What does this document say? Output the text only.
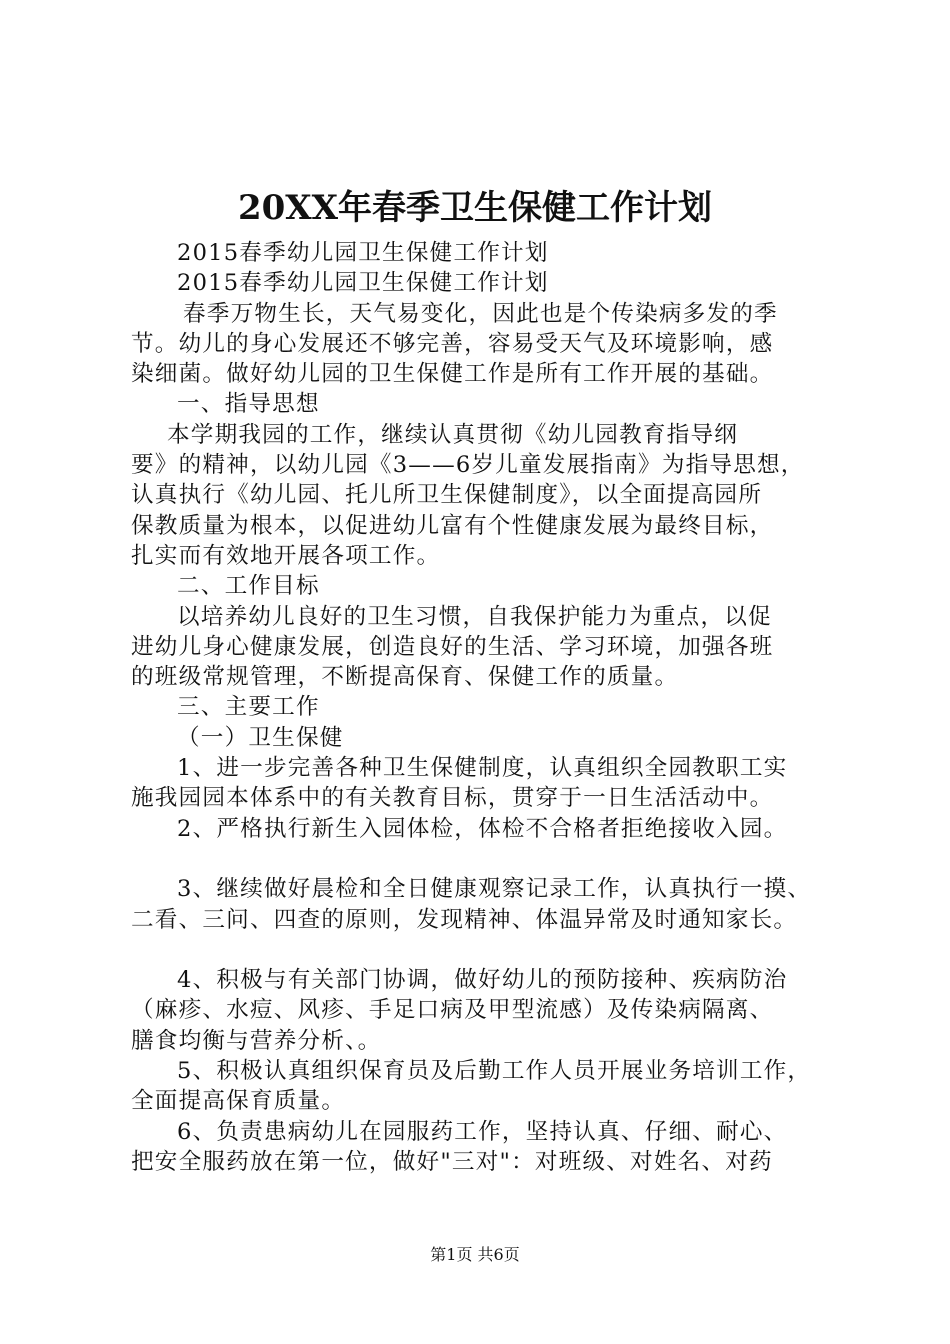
20XX年春季卫生保健工作计划
2015春季幼儿园卫生保健工作计划
2015春季幼儿园卫生保健工作计划
春季万物生长，天气易变化，因此也是个传染病多发的季
节。幼儿的身心发展还不够完善，容易受天气及环境影响，感
染细菌。做好幼儿园的卫生保健工作是所有工作开展的基础。
一、指导思想
本学期我园的工作，继续认真贯彻《幼儿园教育指导纲
要》的精神，以幼儿园《3——6岁儿童发展指南》为指导思想，
认真执行《幼儿园、托儿所卫生保健制度》，以全面提高园所
保教质量为根本，以促进幼儿富有个性健康发展为最终目标，
扎实而有效地开展各项工作。
二、工作目标
以培养幼儿良好的卫生习惯，自我保护能力为重点，以促
进幼儿身心健康发展，创造良好的生活、学习环境，加强各班
的班级常规管理，不断提高保育、保健工作的质量。
三、主要工作
（一）卫生保健
1、进一步完善各种卫生保健制度，认真组织全园教职工实
施我园园本体系中的有关教育目标，贯穿于一日生活活动中。
2、严格执行新生入园体检，体检不合格者拒绝接收入园。
3、继续做好晨检和全日健康观察记录工作，认真执行一摸、
二看、三问、四查的原则，发现精神、体温异常及时通知家长。
4、积极与有关部门协调，做好幼儿的预防接种、疾病防治
（麻疹、水痘、风疹、手足口病及甲型流感）及传染病隔离、
膳食均衡与营养分析、。
5、积极认真组织保育员及后勤工作人员开展业务培训工作，
全面提高保育质量。
6、负责患病幼儿在园服药工作，坚持认真、仔细、耐心、
把安全服药放在第一位，做好"三对"：对班级、对姓名、对药
第1页 共6页
